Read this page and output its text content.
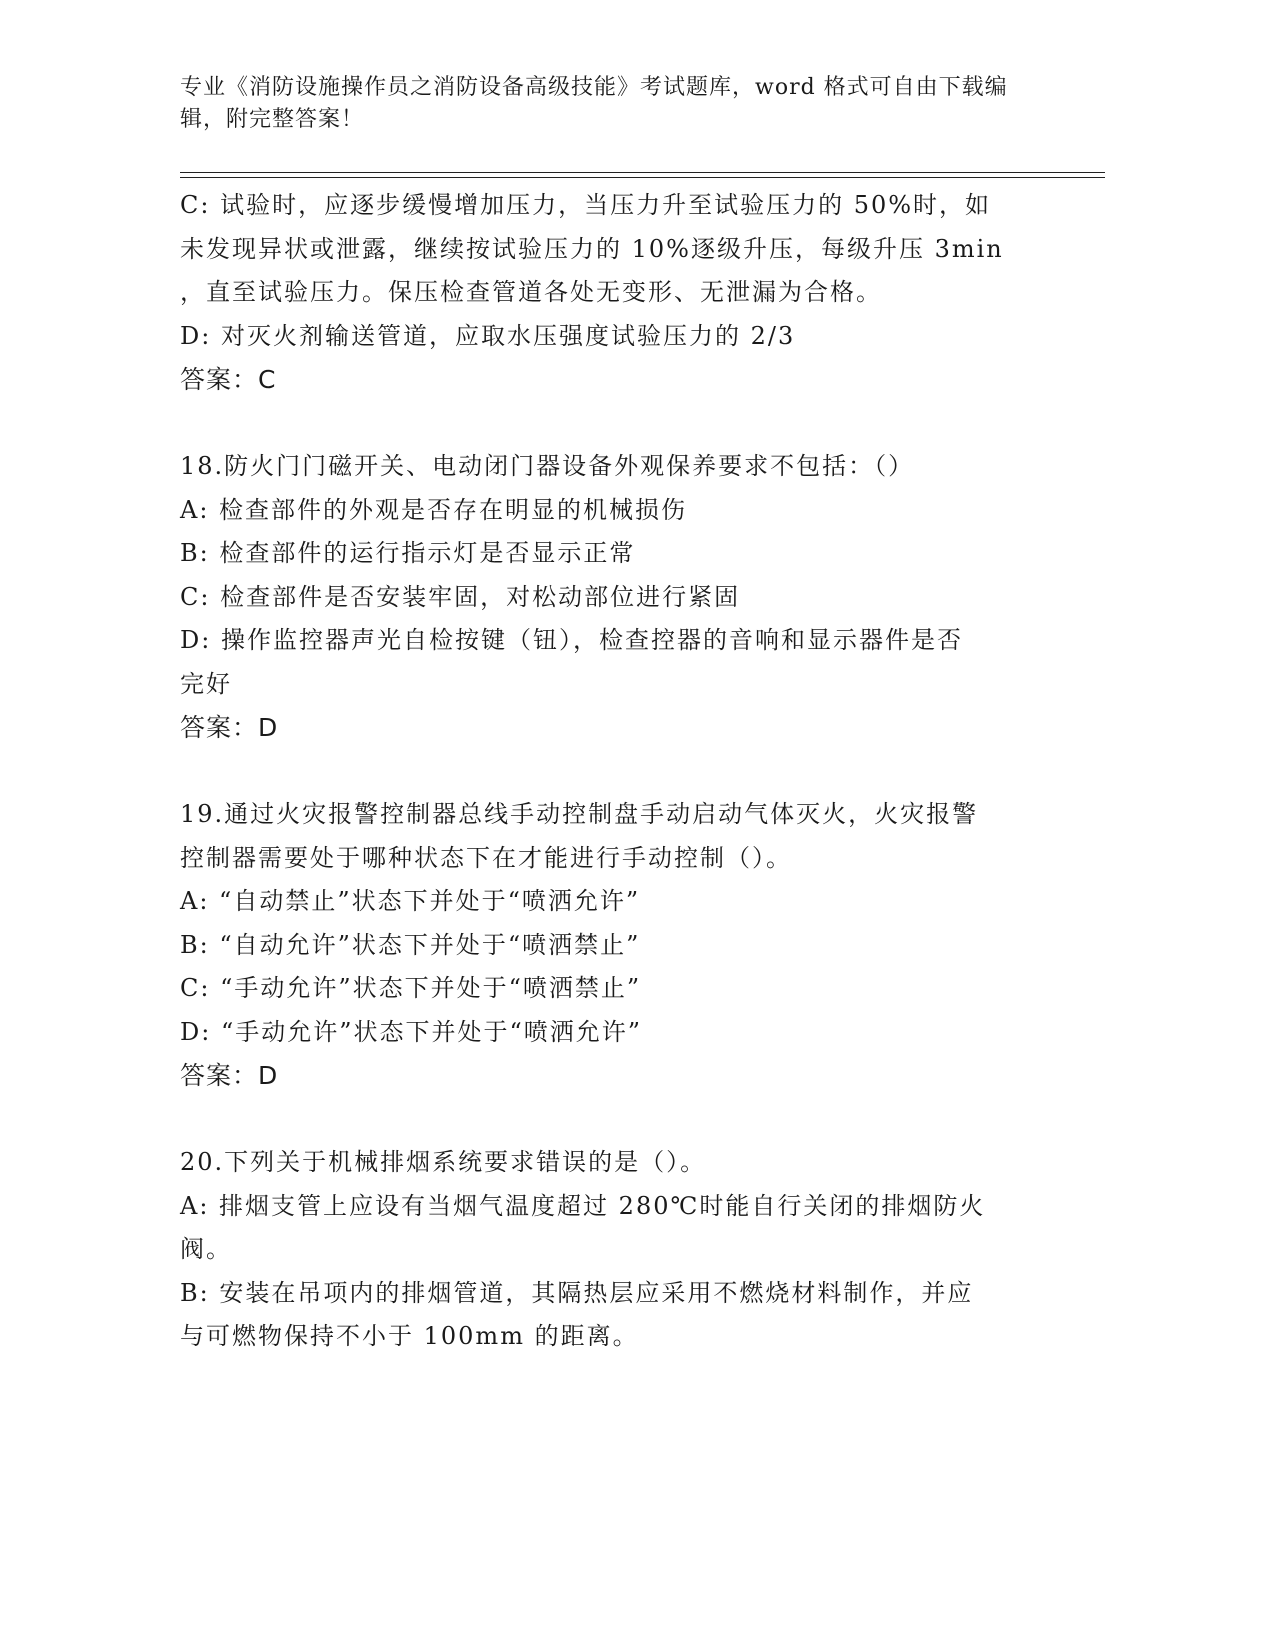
专业《消防设施操作员之消防设备高级技能》考试题库，word 格式可自由下载编
辑，附完整答案！
C: 试验时，应逐步缓慢增加压力，当压力升至试验压力的 50%时，如
未发现异状或泄露，继续按试验压力的 10%逐级升压，每级升压 3min
，直至试验压力。保压检查管道各处无变形、无泄漏为合格。
D: 对灭火剂输送管道，应取水压强度试验压力的 2/3
答案：C
18.防火门门磁开关、电动闭门器设备外观保养要求不包括：（）
A: 检查部件的外观是否存在明显的机械损伤
B: 检查部件的运行指示灯是否显示正常
C: 检查部件是否安装牢固，对松动部位进行紧固
D: 操作监控器声光自检按键（钮），检查控器的音响和显示器件是否
完好
答案：D
19.通过火灾报警控制器总线手动控制盘手动启动气体灭火，火灾报警
控制器需要处于哪种状态下在才能进行手动控制（）。
A: “自动禁止”状态下并处于“喷洒允许”
B: “自动允许”状态下并处于“喷洒禁止”
C: “手动允许”状态下并处于“喷洒禁止”
D: “手动允许”状态下并处于“喷洒允许”
答案：D
20.下列关于机械排烟系统要求错误的是（）。
A: 排烟支管上应设有当烟气温度超过 280℃时能自行关闭的排烟防火
阀。
B: 安装在吊项内的排烟管道，其隔热层应采用不燃烧材料制作，并应
与可燃物保持不小于 100mm 的距离。
